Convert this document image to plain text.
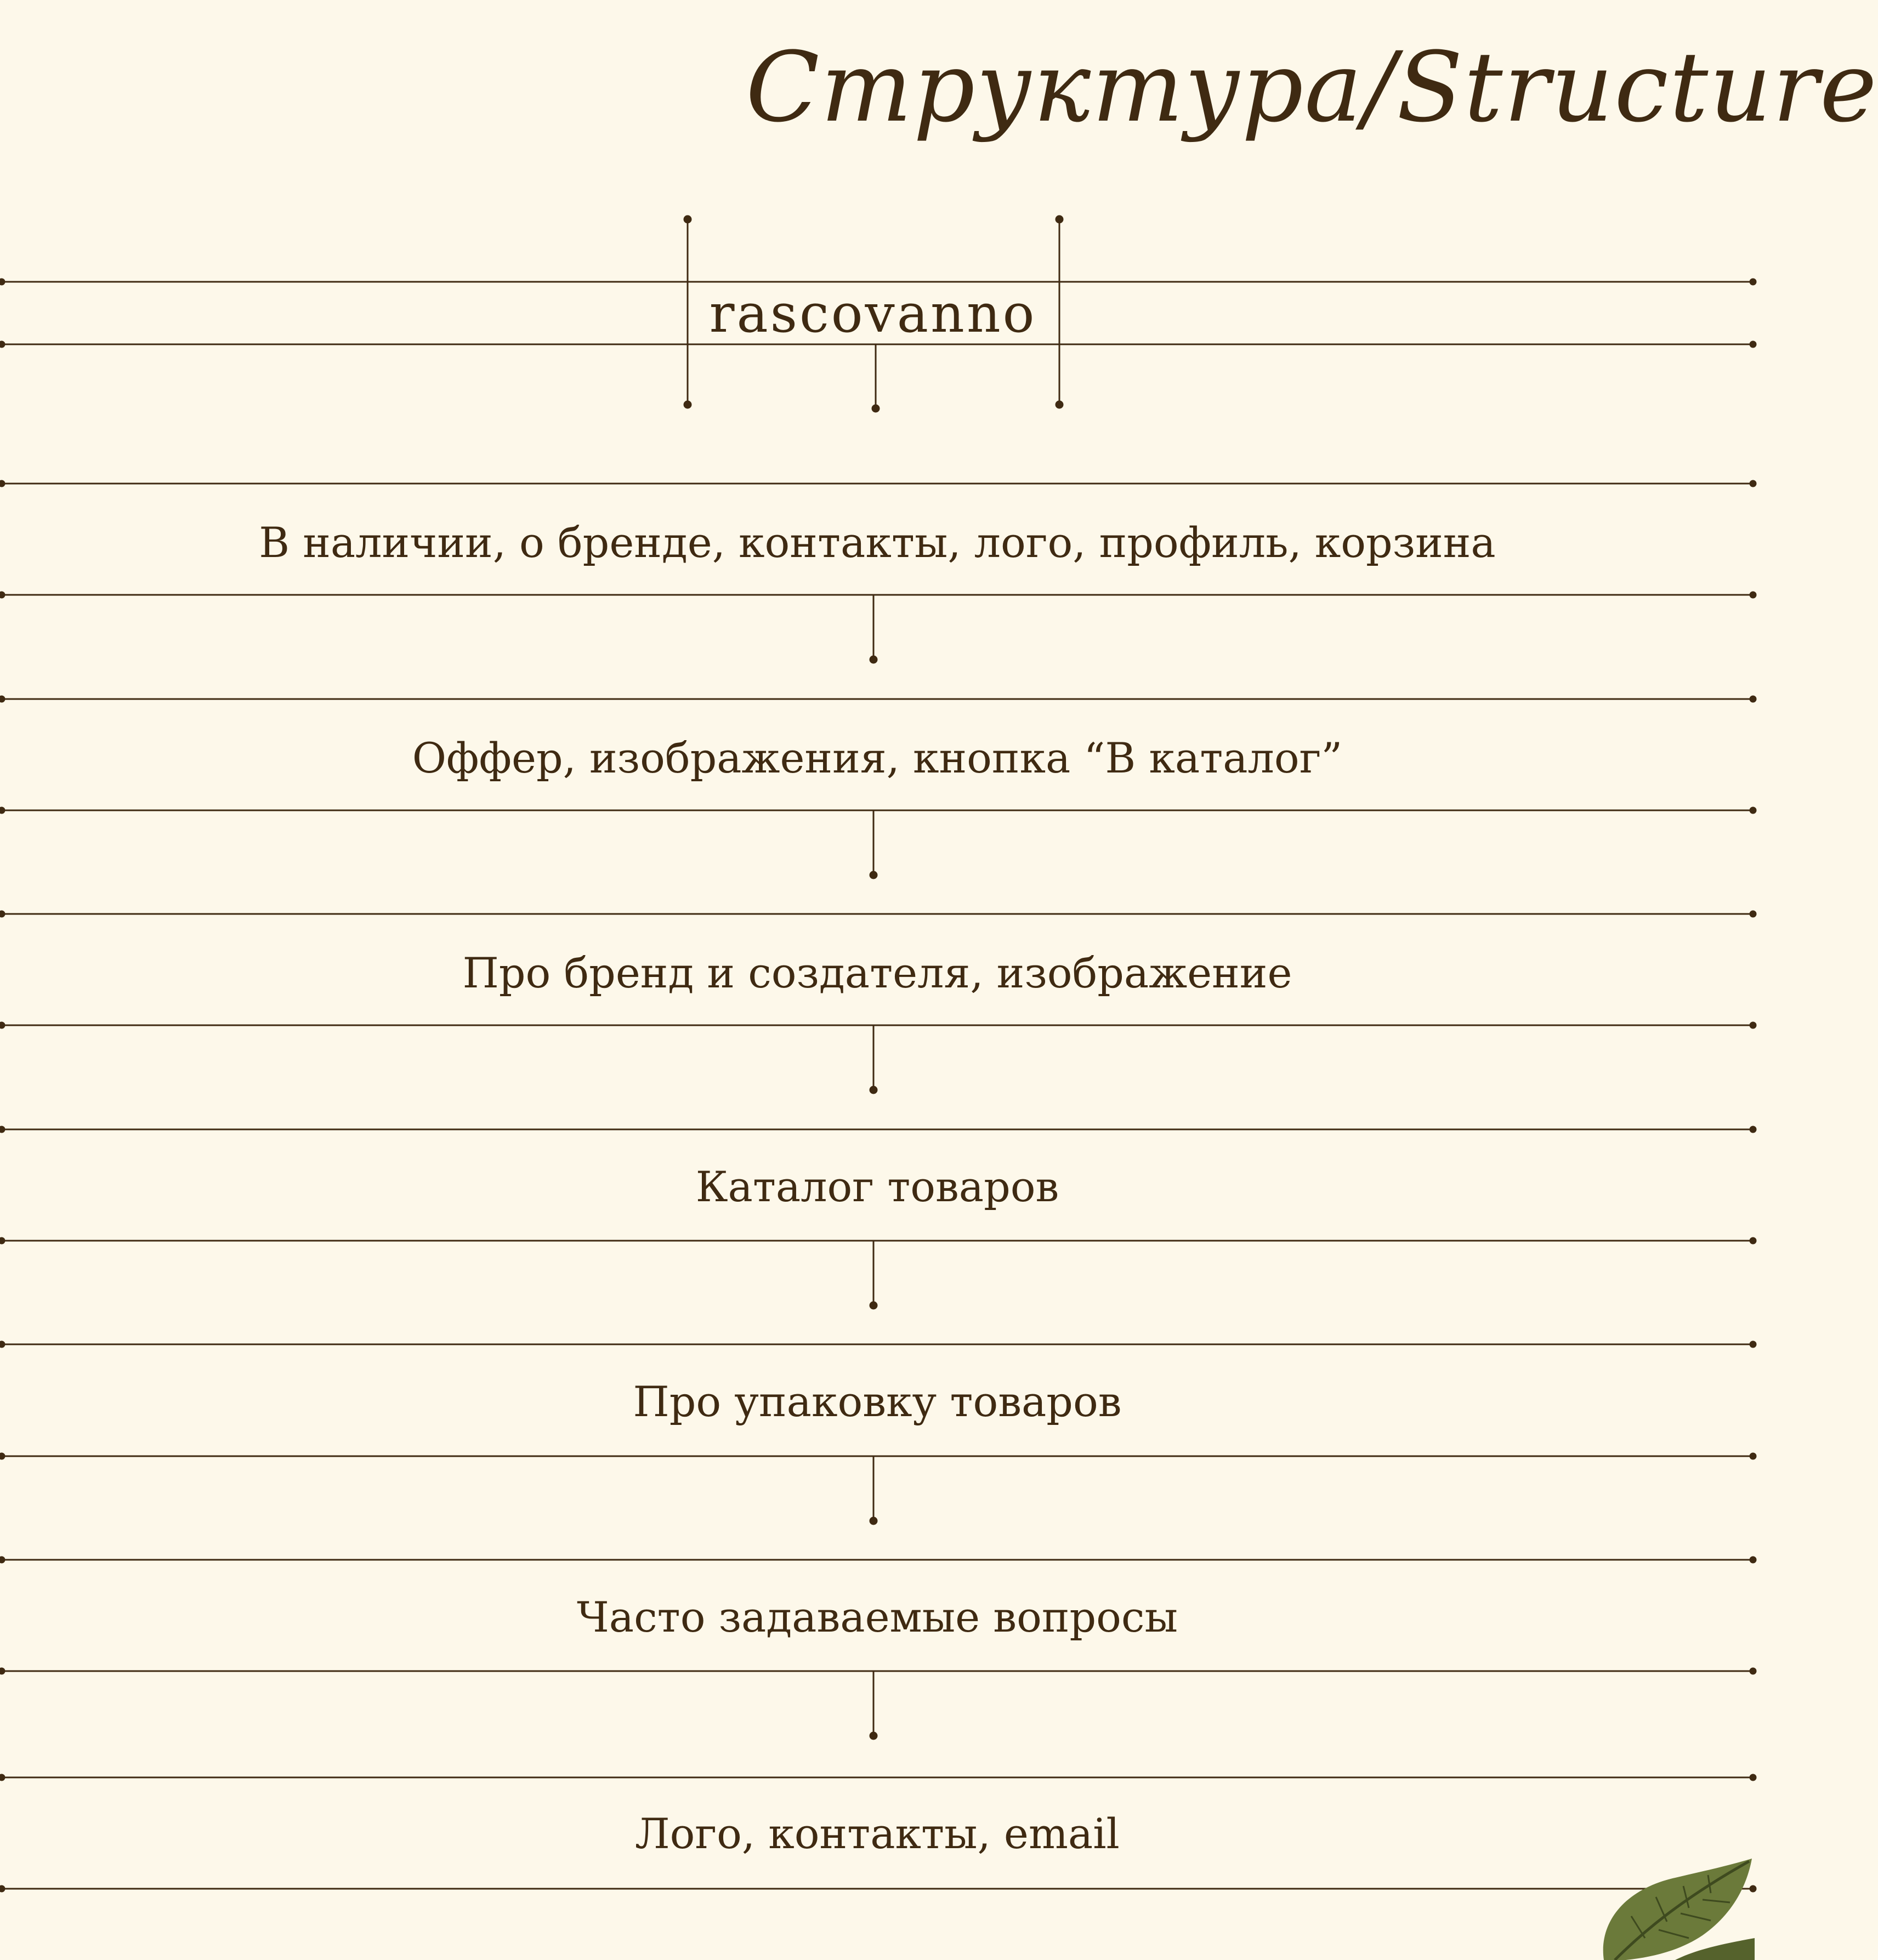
Структура/Structure
rascovanno
В наличии, о бренде, контакты, лого, профиль, корзина
Оффер, изображения, кнопка “В каталог”
Про бренд и создателя, изображение
Каталог товаров
Про упаковку товаров
Часто задаваемые вопросы
Лого, контакты, email
